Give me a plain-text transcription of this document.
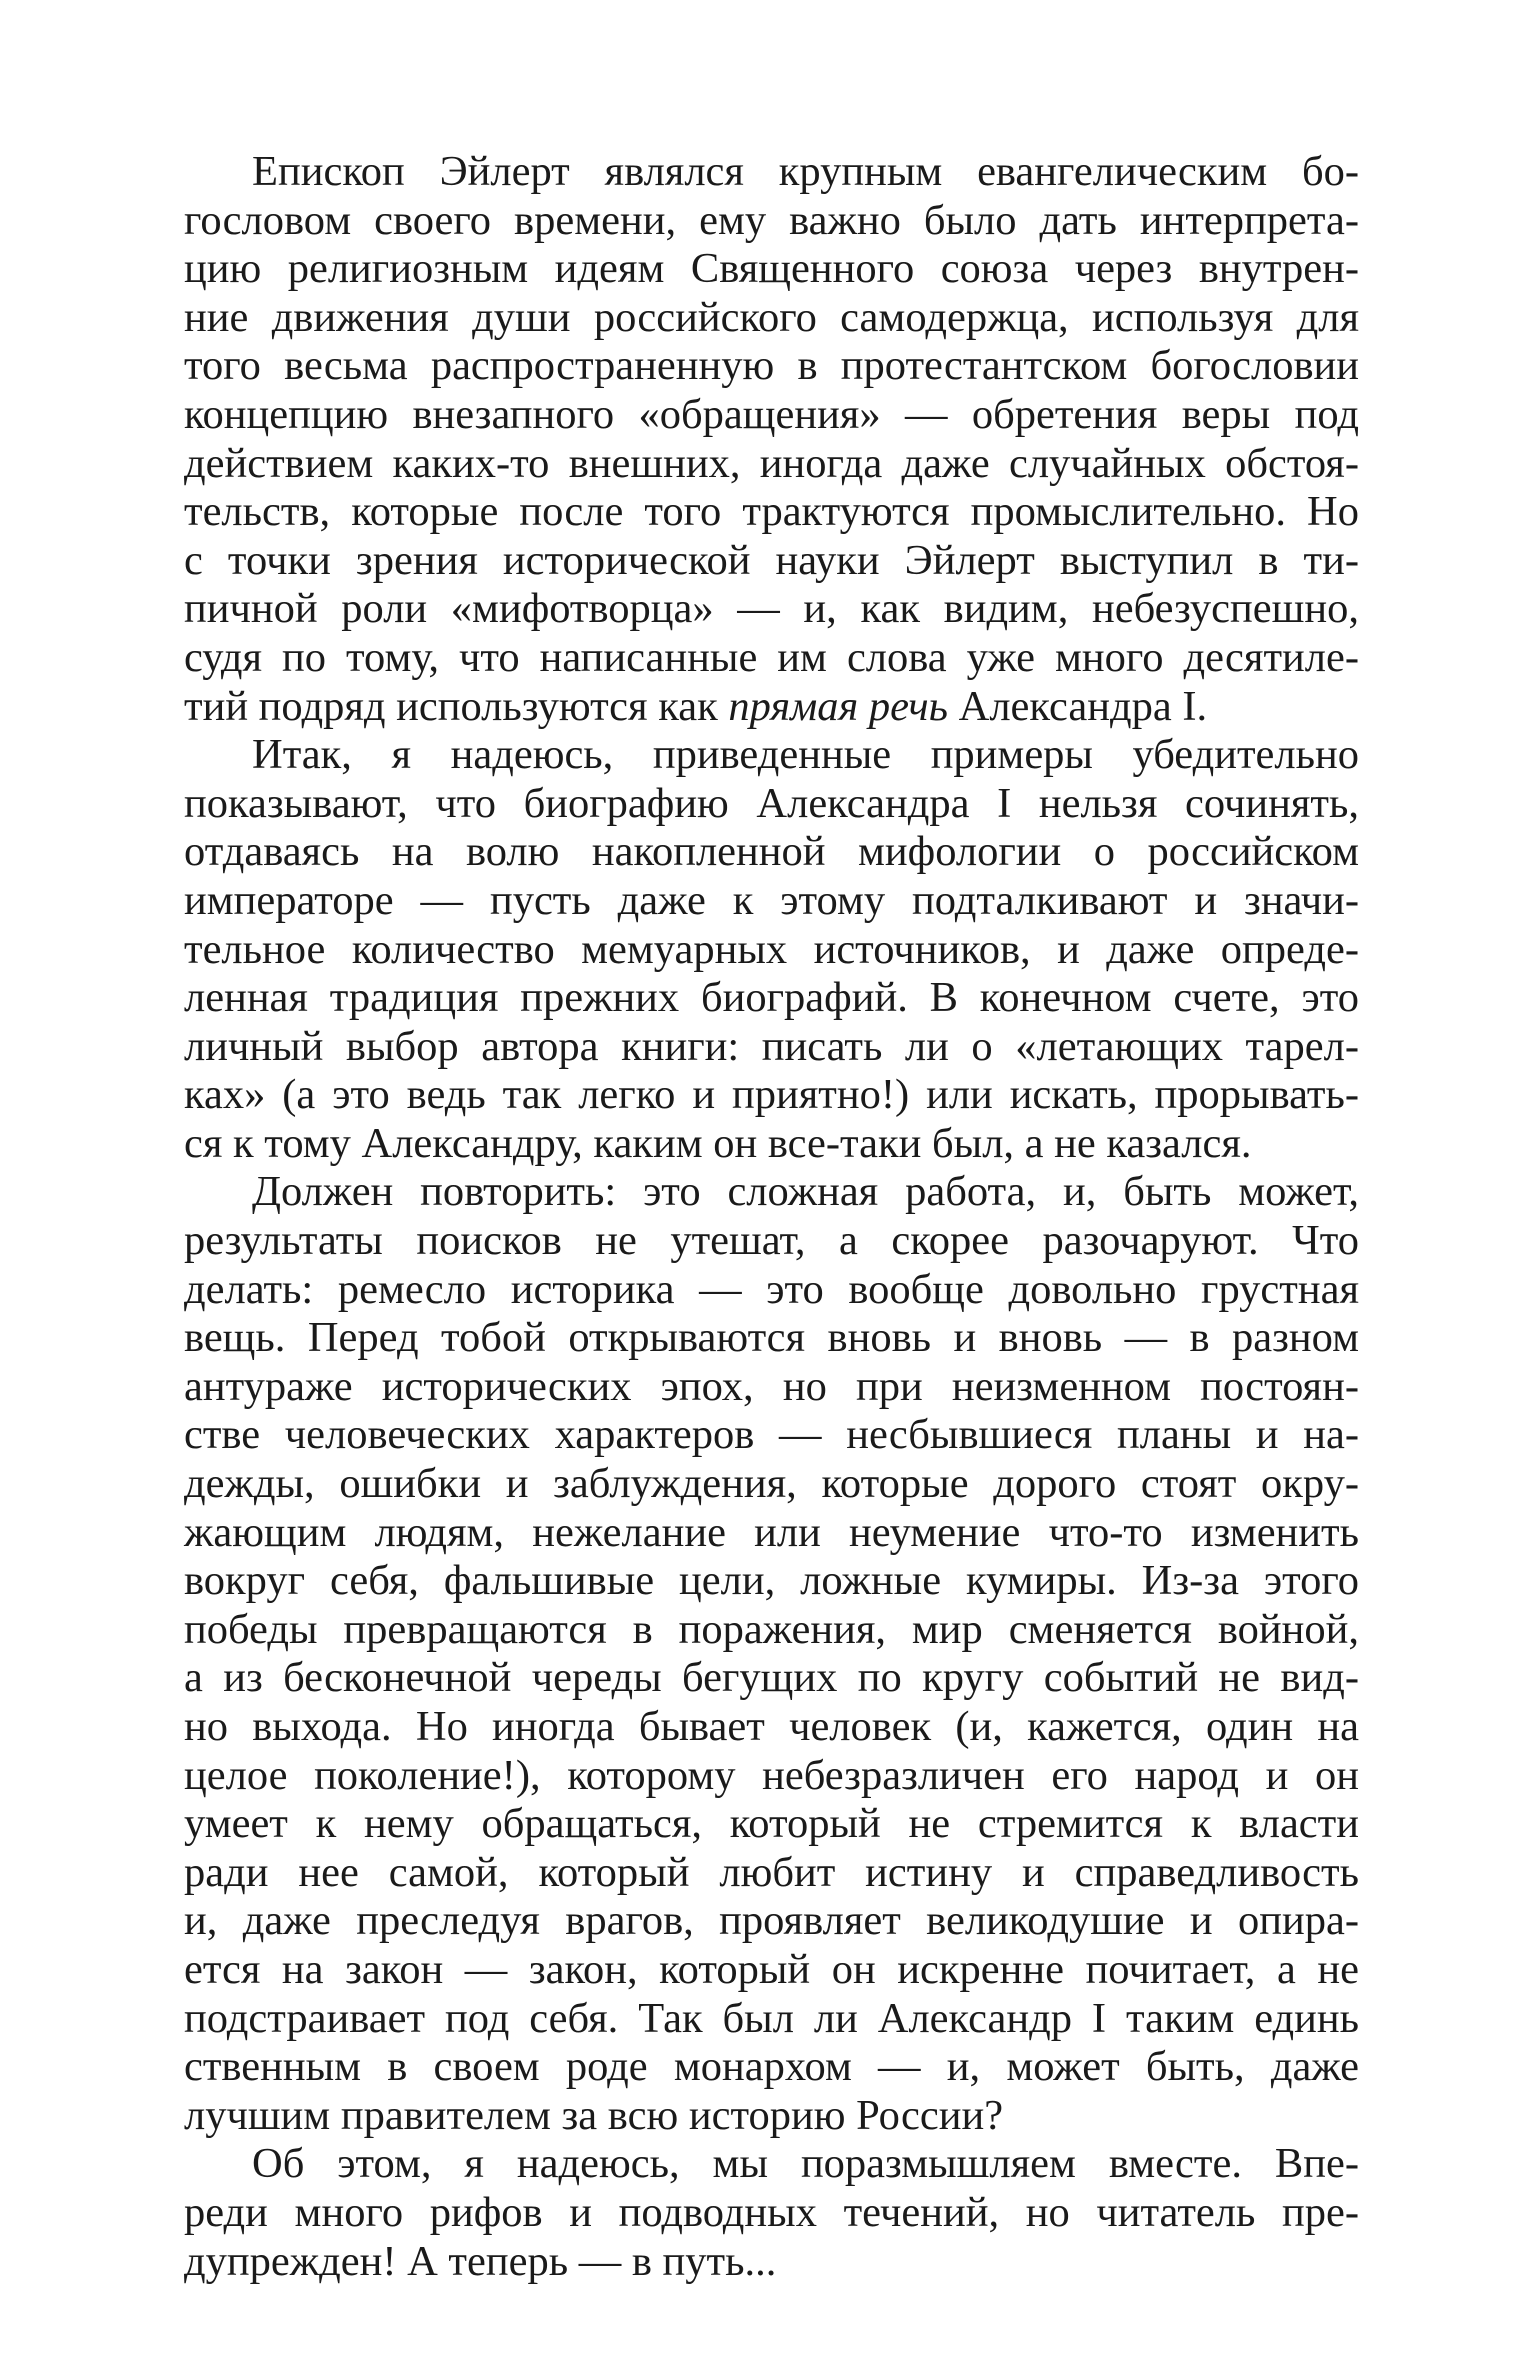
Епископ Эйлерт являлся крупным евангелическим бо-
гословом своего времени, ему важно было дать интерпрета-
цию религиозным идеям Священного союза через внутрен-
ние движения души российского самодержца, используя для
того весьма распространенную в протестантском богословии
концепцию внезапного «обращения» — обретения веры под
действием каких-то внешних, иногда даже случайных обстоя-
тельств, которые после того трактуются промыслительно. Но
с точки зрения исторической науки Эйлерт выступил в ти-
пичной роли «мифотворца» — и, как видим, небезуспешно,
судя по тому, что написанные им слова уже много десятиле-
тий подряд используются как прямая речь Александра I.
Итак, я надеюсь, приведенные примеры убедительно
показывают, что биографию Александра I нельзя сочинять,
отдаваясь на волю накопленной мифологии о российском
императоре — пусть даже к этому подталкивают и значи-
тельное количество мемуарных источников, и даже опреде-
ленная традиция прежних биографий. В конечном счете, это
личный выбор автора книги: писать ли о «летающих тарел-
ках» (а это ведь так легко и приятно!) или искать, прорывать-
ся к тому Александру, каким он все-таки был, а не казался.
Должен повторить: это сложная работа, и, быть может,
результаты поисков не утешат, а скорее разочаруют. Что
делать: ремесло историка — это вообще довольно грустная
вещь. Перед тобой открываются вновь и вновь — в разном
антураже исторических эпох, но при неизменном постоян-
стве человеческих характеров — несбывшиеся планы и на-
дежды, ошибки и заблуждения, которые дорого стоят окру-
жающим людям, нежелание или неумение что-то изменить
вокруг себя, фальшивые цели, ложные кумиры. Из-за этого
победы превращаются в поражения, мир сменяется войной,
а из бесконечной череды бегущих по кругу событий не вид-
но выхода. Но иногда бывает человек (и, кажется, один на
целое поколение!), которому небезразличен его народ и он
умеет к нему обращаться, который не стремится к власти
ради нее самой, который любит истину и справедливость
и, даже преследуя врагов, проявляет великодушие и опира-
ется на закон — закон, который он искренне почитает, а не
подстраивает под себя. Так был ли Александр I таким единь
ственным в своем роде монархом — и, может быть, даже
лучшим правителем за всю историю России?
Об этом, я надеюсь, мы поразмышляем вместе. Впе-
реди много рифов и подводных течений, но читатель пре-
дупрежден! А теперь — в путь...
